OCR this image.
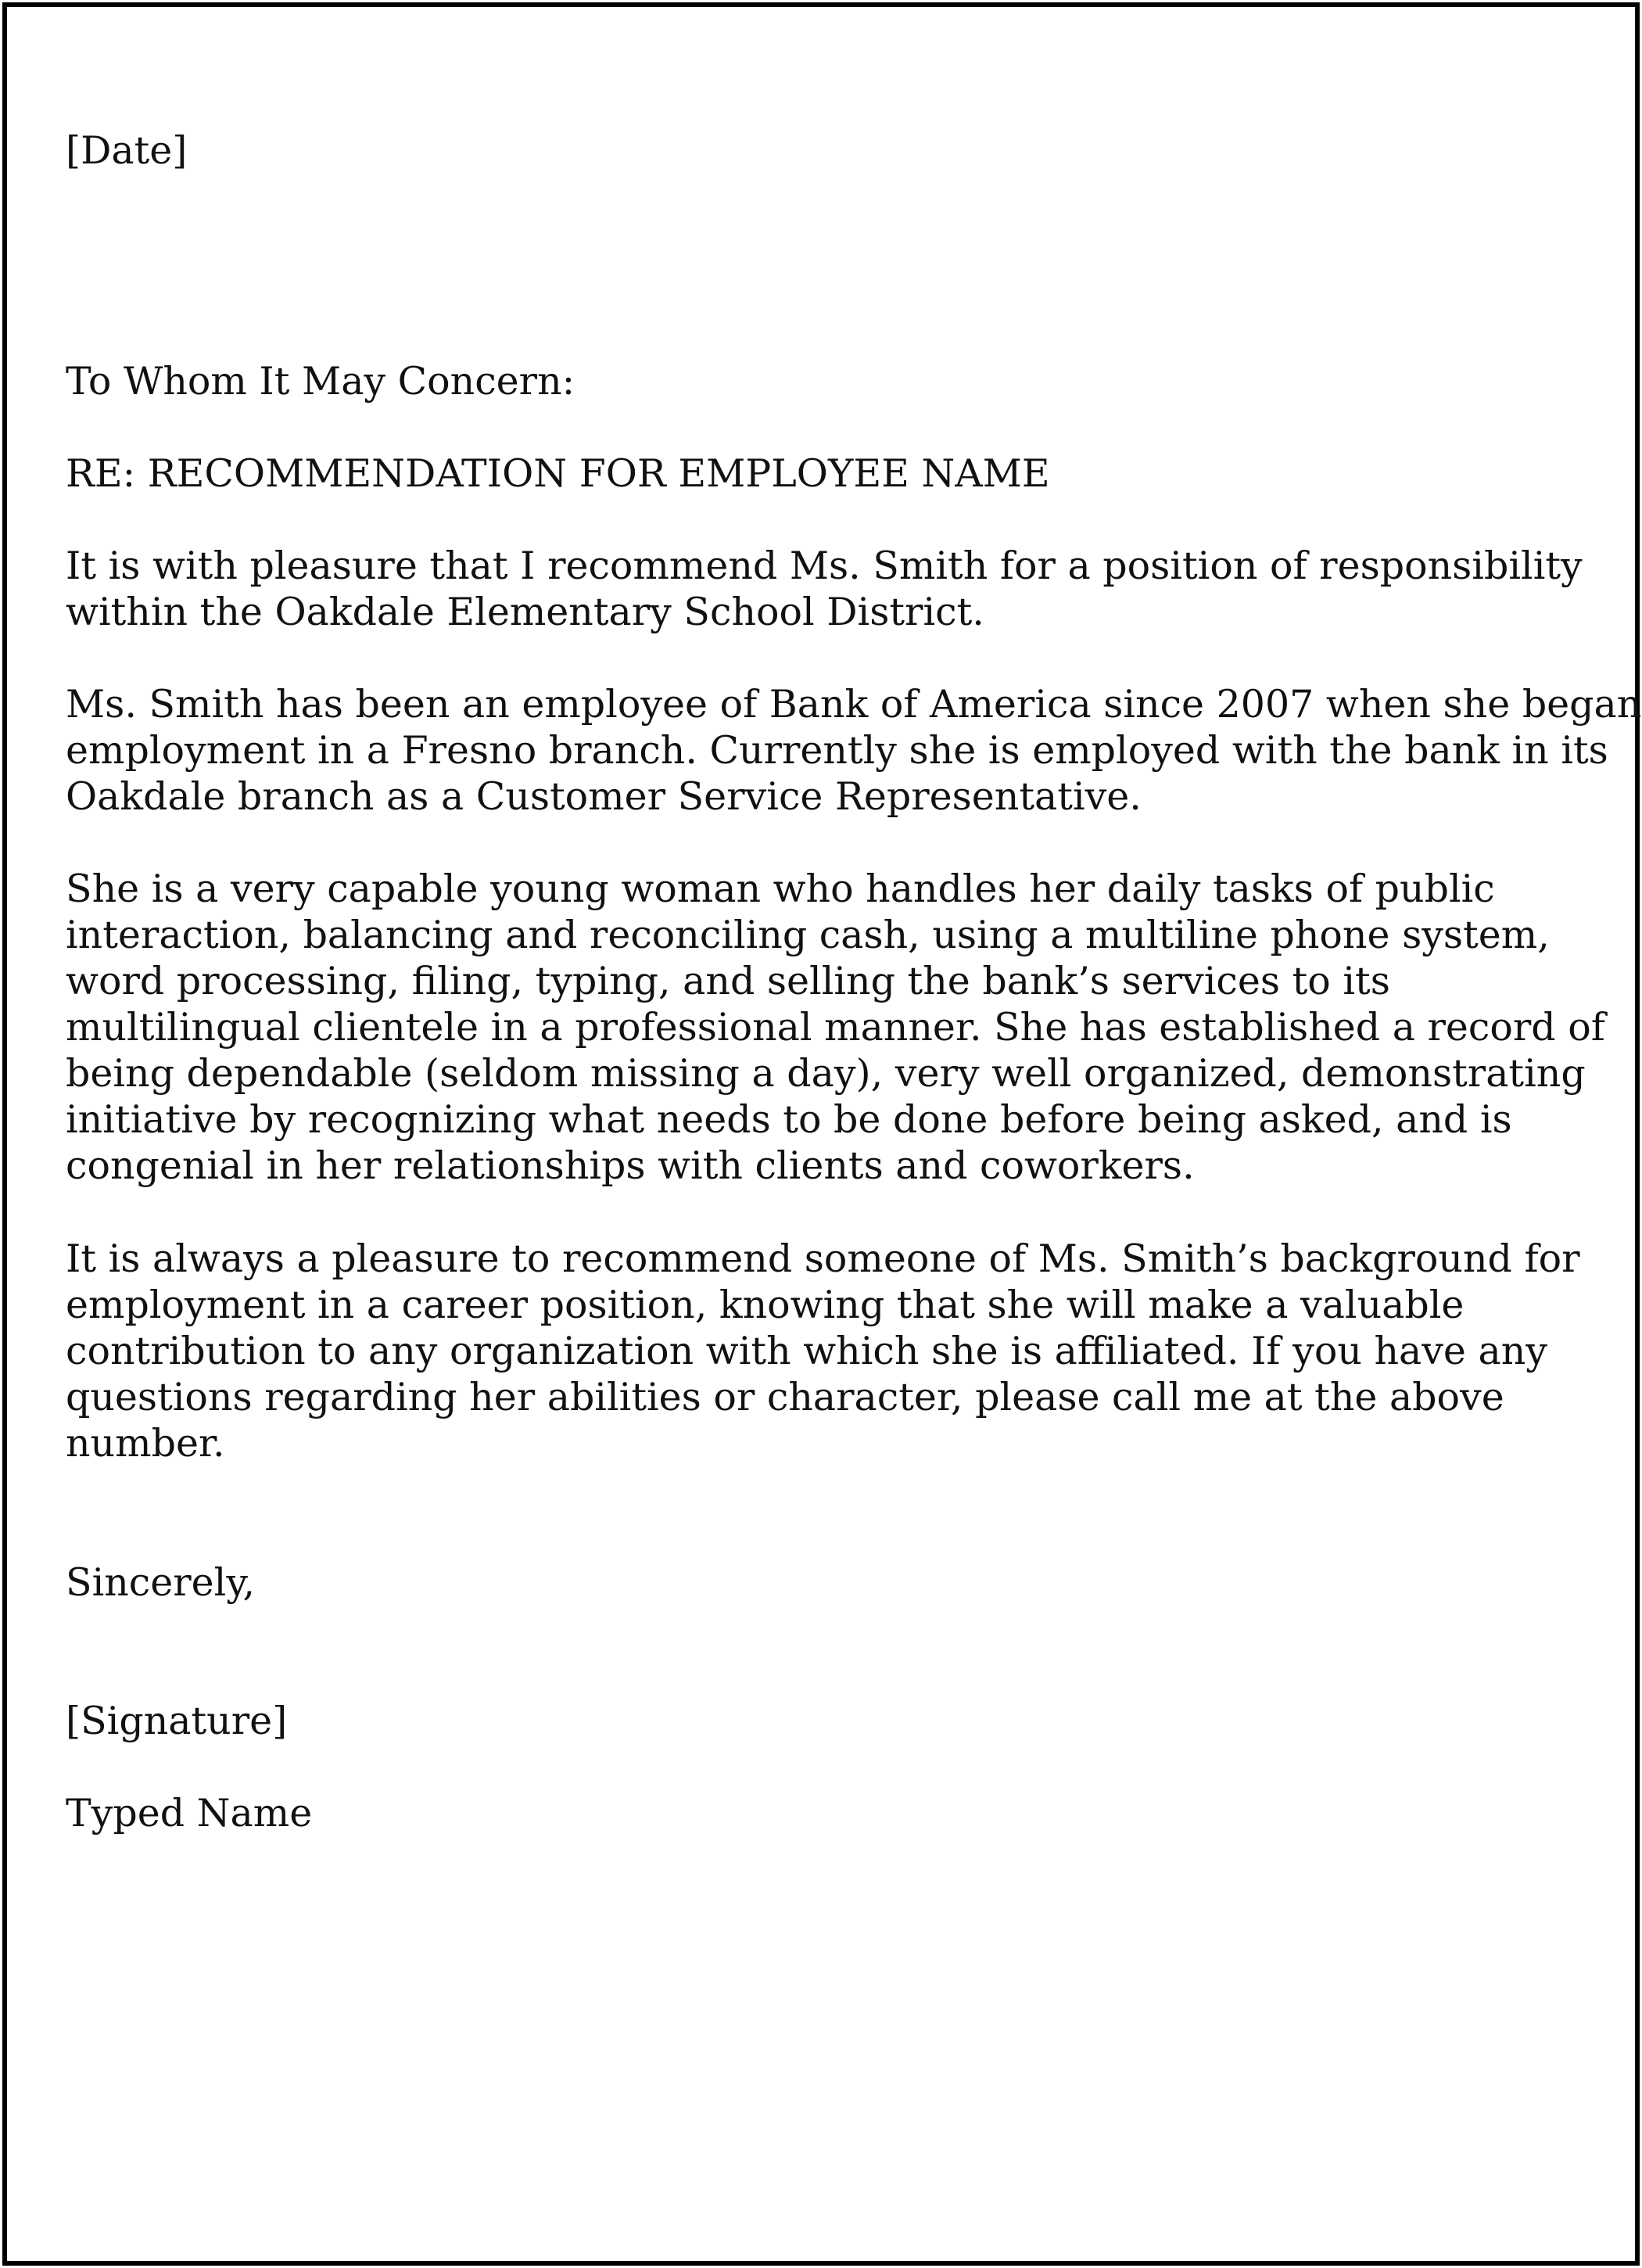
[Date]
To Whom It May Concern:
RE: RECOMMENDATION FOR EMPLOYEE NAME
It is with pleasure that I recommend Ms. Smith for a position of responsibility
within the Oakdale Elementary School District.
Ms. Smith has been an employee of Bank of America since 2007 when she began
employment in a Fresno branch. Currently she is employed with the bank in its
Oakdale branch as a Customer Service Representative.
She is a very capable young woman who handles her daily tasks of public
interaction, balancing and reconciling cash, using a multiline phone system,
word processing, filing, typing, and selling the bank’s services to its
multilingual clientele in a professional manner. She has established a record of
being dependable (seldom missing a day), very well organized, demonstrating
initiative by recognizing what needs to be done before being asked, and is
congenial in her relationships with clients and coworkers.
It is always a pleasure to recommend someone of Ms. Smith’s background for
employment in a career position, knowing that she will make a valuable
contribution to any organization with which she is affiliated. If you have any
questions regarding her abilities or character, please call me at the above
number.
Sincerely,
[Signature]
Typed Name
